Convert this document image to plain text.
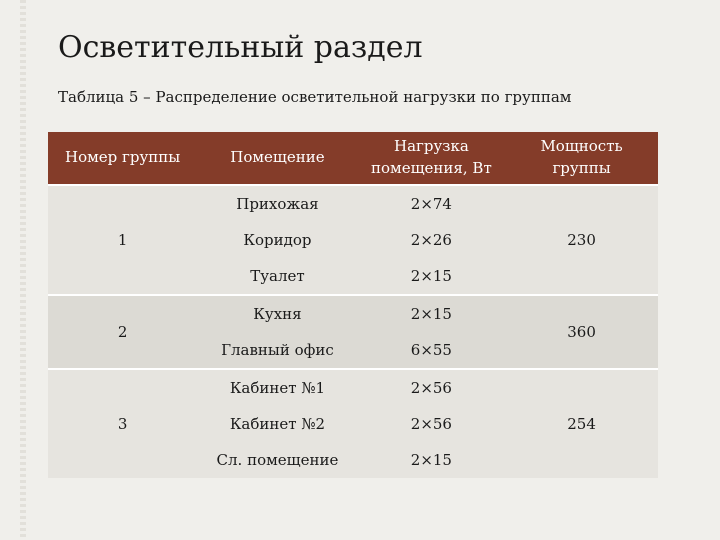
Осветительный раздел
Таблица 5 – Распределение осветительной нагрузки по группам
Номер группы	Помещение	Нагрузка помещения, Вт	Мощность группы
1	Прихожая	2×74	230
	Коридор	2×26	
	Туалет	2×15	
2	Кухня	2×15	360
	Главный офис	6×55	
3	Кабинет №1	2×56	254
	Кабинет №2	2×56	
	Сл. помещение	2×15	
